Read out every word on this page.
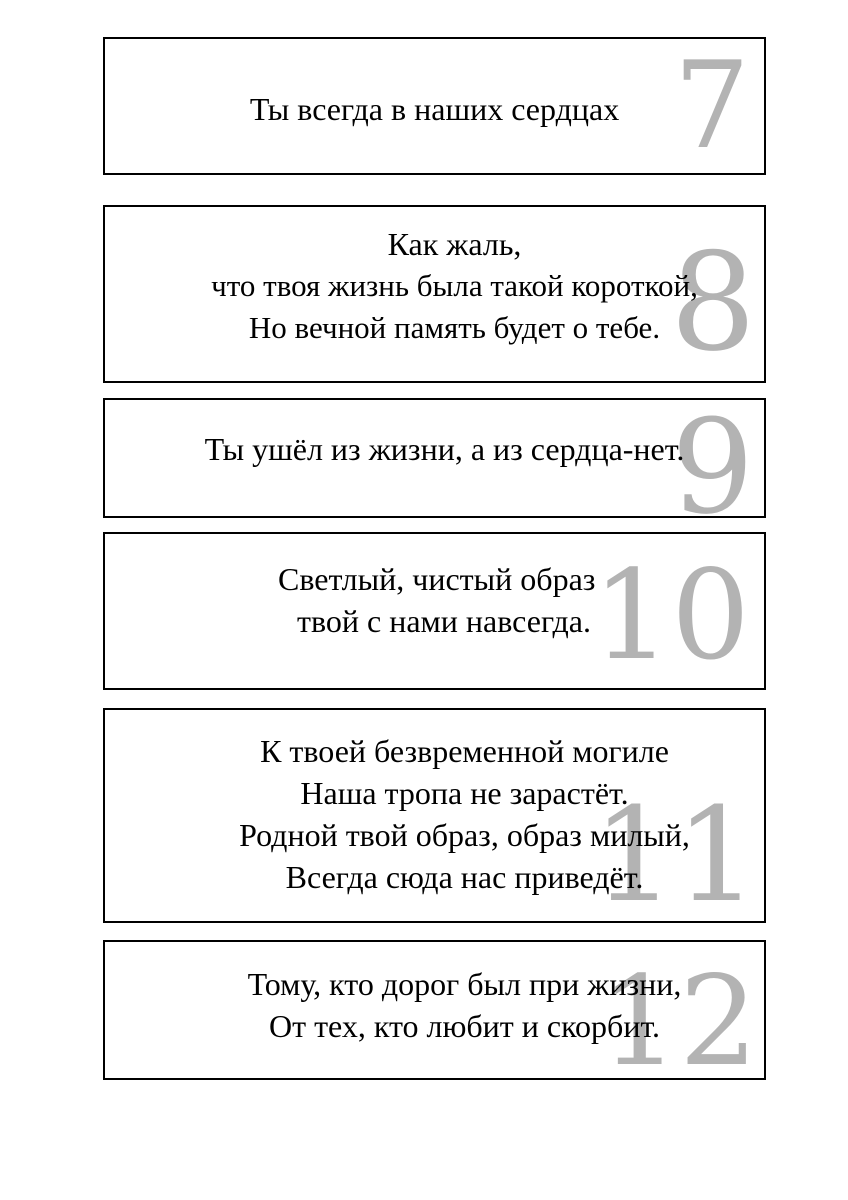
7
Ты всегда в наших сердцах
8
Как жаль,
что твоя жизнь была такой короткой,
Но вечной память будет о тебе.
9
Ты ушёл из жизни, а из сердца-нет.
10
Светлый, чистый образ
твой с нами навсегда.
11
К твоей безвременной могиле
Наша тропа не зарастёт.
Родной твой образ, образ милый,
Всегда сюда нас приведёт.
12
Тому, кто дорог был при жизни,
От тех, кто любит и скорбит.
